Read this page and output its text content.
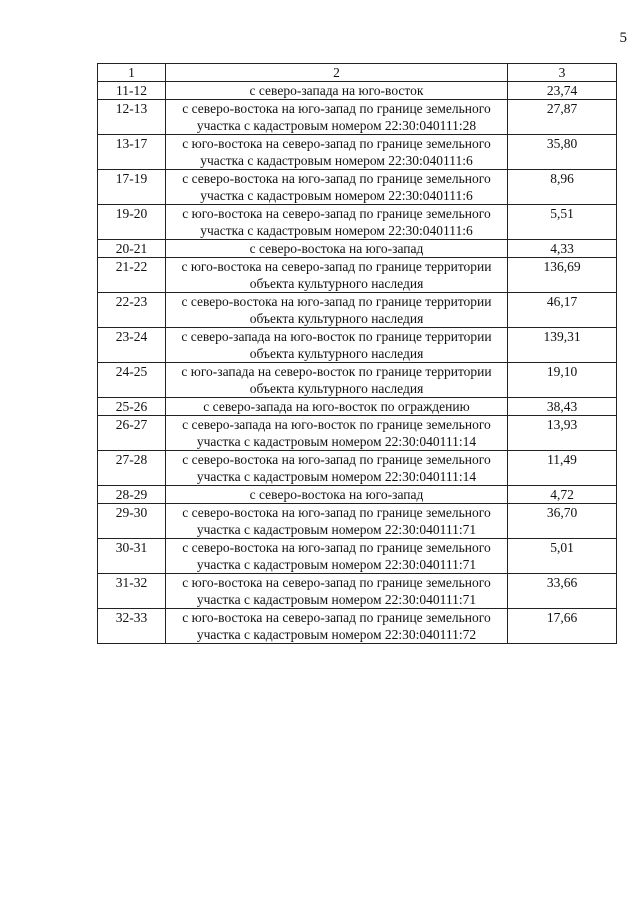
5
1	2	3
11-12	с северо-запада на юго-восток	23,74
12-13	с северо-востока на юго-запад по границе земельного участка с кадастровым номером 22:30:040111:28	27,87
13-17	с юго-востока на северо-запад по границе земельного участка с кадастровым номером 22:30:040111:6	35,80
17-19	с северо-востока на юго-запад по границе земельного участка с кадастровым номером 22:30:040111:6	8,96
19-20	с юго-востока на северо-запад по границе земельного участка с кадастровым номером 22:30:040111:6	5,51
20-21	с северо-востока на юго-запад	4,33
21-22	с юго-востока на северо-запад по границе территории объекта культурного наследия	136,69
22-23	с северо-востока на юго-запад по границе территории объекта культурного наследия	46,17
23-24	с северо-запада на юго-восток по границе территории объекта культурного наследия	139,31
24-25	с юго-запада на северо-восток по границе территории объекта культурного наследия	19,10
25-26	с северо-запада на юго-восток по ограждению	38,43
26-27	с северо-запада на юго-восток по границе земельного участка с кадастровым номером 22:30:040111:14	13,93
27-28	с северо-востока на юго-запад по границе земельного участка с кадастровым номером 22:30:040111:14	11,49
28-29	с северо-востока на юго-запад	4,72
29-30	с северо-востока на юго-запад по границе земельного участка с кадастровым номером 22:30:040111:71	36,70
30-31	с северо-востока на юго-запад по границе земельного участка с кадастровым номером 22:30:040111:71	5,01
31-32	с юго-востока на северо-запад по границе земельного участка с кадастровым номером 22:30:040111:71	33,66
32-33	с юго-востока на северо-запад по границе земельного участка с кадастровым номером 22:30:040111:72	17,66
